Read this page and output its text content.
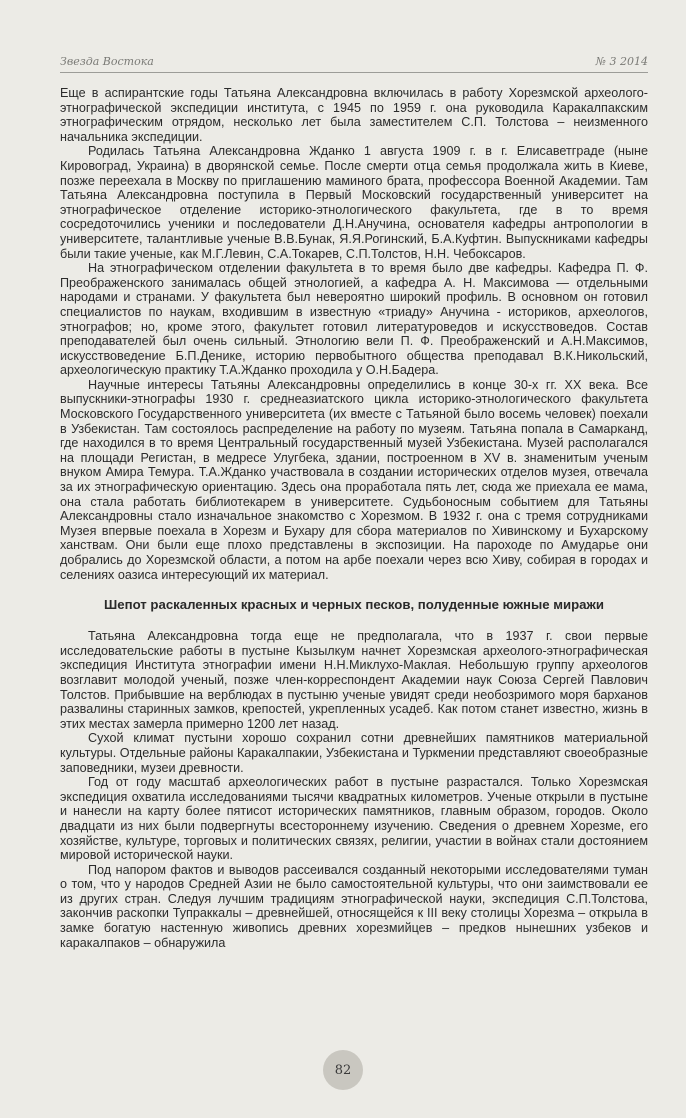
Звезда Востока	№ 3 2014

Еще в аспирантские годы Татьяна Александровна включилась в работу Хорезмской археолого-этнографической экспедиции института, с 1945 по 1959 г. она руководила Каракалпакским этнографическим отрядом, несколько лет была заместителем С.П. Толстова – неизменного начальника экспедиции.

Родилась Татьяна Александровна Жданко 1 августа 1909 г. в г. Елисаветграде (ныне Кировоград, Украина) в дворянской семье. После смерти отца семья продолжала жить в Киеве, позже переехала в Москву по приглашению маминого брата, профессора Военной Академии. Там Татьяна Александровна поступила в Первый Московский государственный университет на этнографическое отделение историко-этнологического факультета, где в то время сосредоточились ученики и последователи Д.Н.Анучина, основателя кафедры антропологии в университете, талантливые ученые В.В.Бунак, Я.Я.Рогинский, Б.А.Куфтин. Выпускниками кафедры были такие ученые, как М.Г.Левин, С.А.Токарев, С.П.Толстов, Н.Н. Чебоксаров.

На этнографическом отделении факультета в то время было две кафедры. Кафедра П. Ф. Преображенского занималась общей этнологией, а кафедра А. Н. Максимова — отдельными народами и странами. У факультета был невероятно широкий профиль. В основном он готовил специалистов по наукам, входившим в известную «триаду» Анучина - историков, археологов, этнографов; но, кроме этого, факультет готовил литературоведов и искусствоведов. Состав преподавателей был очень сильный. Этнологию вели П. Ф. Преображенский и А.Н.Максимов, искусствоведение Б.П.Денике, историю первобытного общества преподавал В.К.Никольский, археологическую практику Т.А.Жданко проходила у О.Н.Бадера.

Научные интересы Татьяны Александровны определились в конце 30-х гг. XX века. Все выпускники-этнографы 1930 г. среднеазиатского цикла историко-этнологического факультета Московского Государственного университета (их вместе с Татьяной было восемь человек) поехали в Узбекистан. Там состоялось распределение на работу по музеям. Татьяна попала в Самарканд, где находился в то время Центральный государственный музей Узбекистана. Музей располагался на площади Регистан, в медресе Улугбека, здании, построенном в XV в. знаменитым ученым внуком Амира Темура. Т.А.Жданко участвовала в создании исторических отделов музея, отвечала за их этнографическую ориентацию. Здесь она проработала пять лет, сюда же приехала ее мама, она стала работать библиотекарем в университете. Судьбоносным событием для Татьяны Александровны стало изначальное знакомство с Хорезмом. В 1932 г. она с тремя сотрудниками Музея впервые поехала в Хорезм и Бухару для сбора материалов по Хивинскому и Бухарскому ханствам. Они были еще плохо представлены в экспозиции. На пароходе по Амударье они добрались до Хорезмской области, а потом на арбе поехали через всю Хиву, собирая в городах и селениях оазиса интересующий их материал.

Шепот раскаленных красных и черных песков, полуденные южные миражи

Татьяна Александровна тогда еще не предполагала, что в 1937 г. свои первые исследовательские работы в пустыне Кызылкум начнет Хорезмская археолого-этнографическая экспедиция Института этнографии имени Н.Н.Миклухо-Маклая. Небольшую группу археологов возглавит молодой ученый, позже член-корреспондент Академии наук Союза Сергей Павлович Толстов. Прибывшие на верблюдах в пустыню ученые увидят среди необозримого моря барханов развалины старинных замков, крепостей, укрепленных усадеб. Как потом станет известно, жизнь в этих местах замерла примерно 1200 лет назад.

Сухой климат пустыни хорошо сохранил сотни древнейших памятников материальной культуры. Отдельные районы Каракалпакии, Узбекистана и Туркмении представляют своеобразные заповедники, музеи древности.

Год от году масштаб археологических работ в пустыне разрастался. Только Хорезмская экспедиция охватила исследованиями тысячи квадратных километров. Ученые открыли в пустыне и нанесли на карту более пятисот исторических памятников, главным образом, городов. Около двадцати из них были подвергнуты всестороннему изучению. Сведения о древнем Хорезме, его хозяйстве, культуре, торговых и политических связях, религии, участии в войнах стали достоянием мировой исторической науки.

Под напором фактов и выводов рассеивался созданный некоторыми исследователями туман о том, что у народов Средней Азии не было самостоятельной культуры, что они заимствовали ее из других стран. Следуя лучшим традициям этнографической науки, экспедиция С.П.Толстова, закончив раскопки Тупраккалы – древнейшей, относящейся к III веку столицы Хорезма – открыла в замке богатую настенную живопись древних хорезмийцев – предков нынешних узбеков и каракалпаков – обнаружила

82
